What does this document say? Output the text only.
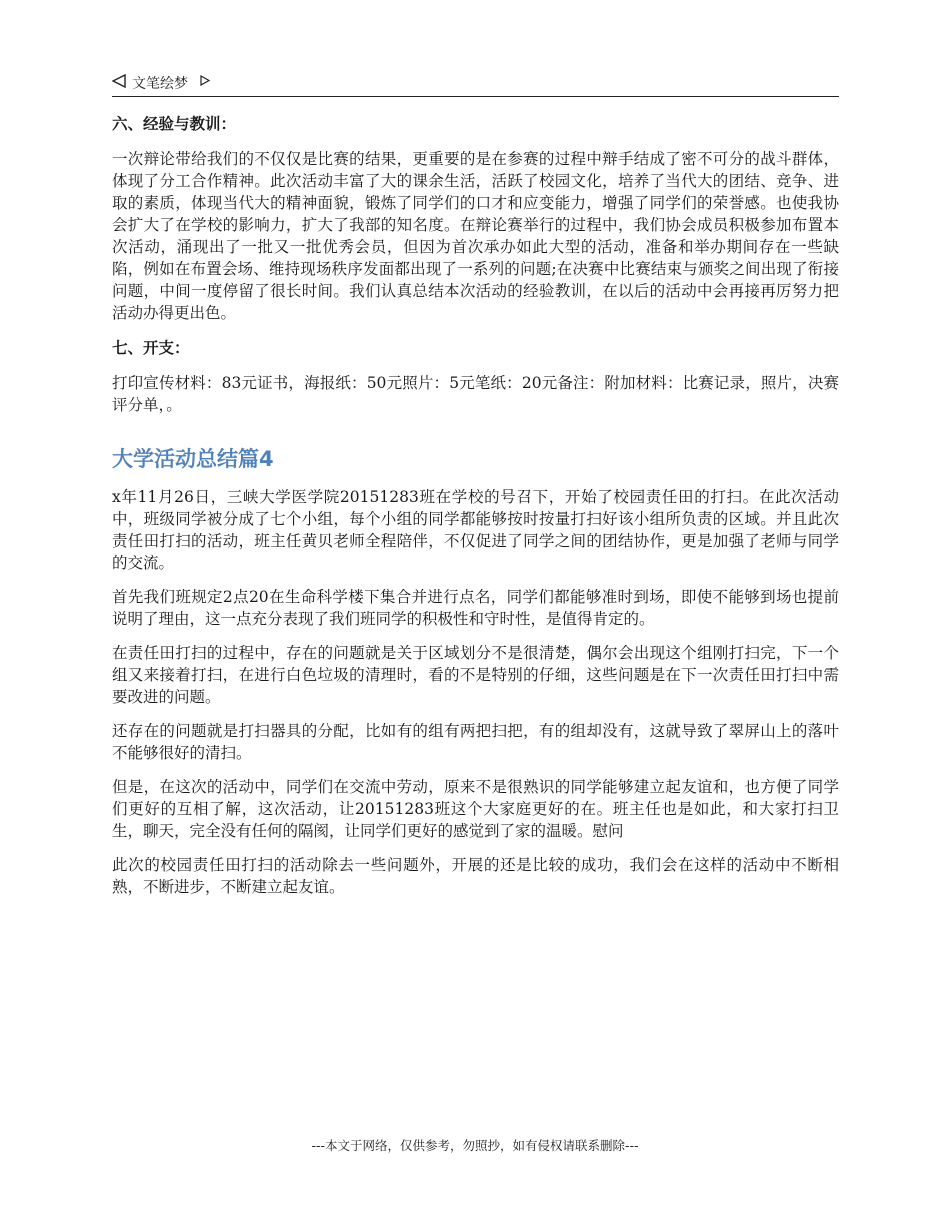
文笔绘梦
六、经验与教训：

一次辩论带给我们的不仅仅是比赛的结果，更重要的是在参赛的过程中辩手结成了密不可分的战斗群体，体现了分工合作精神。此次活动丰富了大的课余生活，活跃了校园文化，培养了当代大的团结、竞争、进取的素质，体现当代大的精神面貌，锻炼了同学们的口才和应变能力，增强了同学们的荣誉感。也使我协会扩大了在学校的影响力，扩大了我部的知名度。在辩论赛举行的过程中，我们协会成员积极参加布置本次活动，涌现出了一批又一批优秀会员，但因为首次承办如此大型的活动，准备和举办期间存在一些缺陷，例如在布置会场、维持现场秩序发面都出现了一系列的问题;在决赛中比赛结束与颁奖之间出现了衔接问题，中间一度停留了很长时间。我们认真总结本次活动的经验教训，在以后的活动中会再接再厉努力把活动办得更出色。

七、开支：

打印宣传材料：83元证书，海报纸：50元照片：5元笔纸：20元备注：附加材料：比赛记录，照片，决赛评分单，。

大学活动总结篇4

x年11月26日，三峡大学医学院20151283班在学校的号召下，开始了校园责任田的打扫。在此次活动中，班级同学被分成了七个小组，每个小组的同学都能够按时按量打扫好该小组所负责的区域。并且此次责任田打扫的活动，班主任黄贝老师全程陪伴，不仅促进了同学之间的团结协作，更是加强了老师与同学的交流。

首先我们班规定2点20在生命科学楼下集合并进行点名，同学们都能够准时到场，即使不能够到场也提前说明了理由，这一点充分表现了我们班同学的积极性和守时性，是值得肯定的。

在责任田打扫的过程中，存在的问题就是关于区域划分不是很清楚，偶尔会出现这个组刚打扫完，下一个组又来接着打扫，在进行白色垃圾的清理时，看的不是特别的仔细，这些问题是在下一次责任田打扫中需要改进的问题。

还存在的问题就是打扫器具的分配，比如有的组有两把扫把，有的组却没有，这就导致了翠屏山上的落叶不能够很好的清扫。

但是，在这次的活动中，同学们在交流中劳动，原来不是很熟识的同学能够建立起友谊和，也方便了同学们更好的互相了解，这次活动，让20151283班这个大家庭更好的在。班主任也是如此，和大家打扫卫生，聊天，完全没有任何的隔阂，让同学们更好的感觉到了家的温暖。慰问

此次的校园责任田打扫的活动除去一些问题外，开展的还是比较的成功，我们会在这样的活动中不断相熟，不断进步，不断建立起友谊。

---本文于网络，仅供参考，勿照抄，如有侵权请联系删除---
